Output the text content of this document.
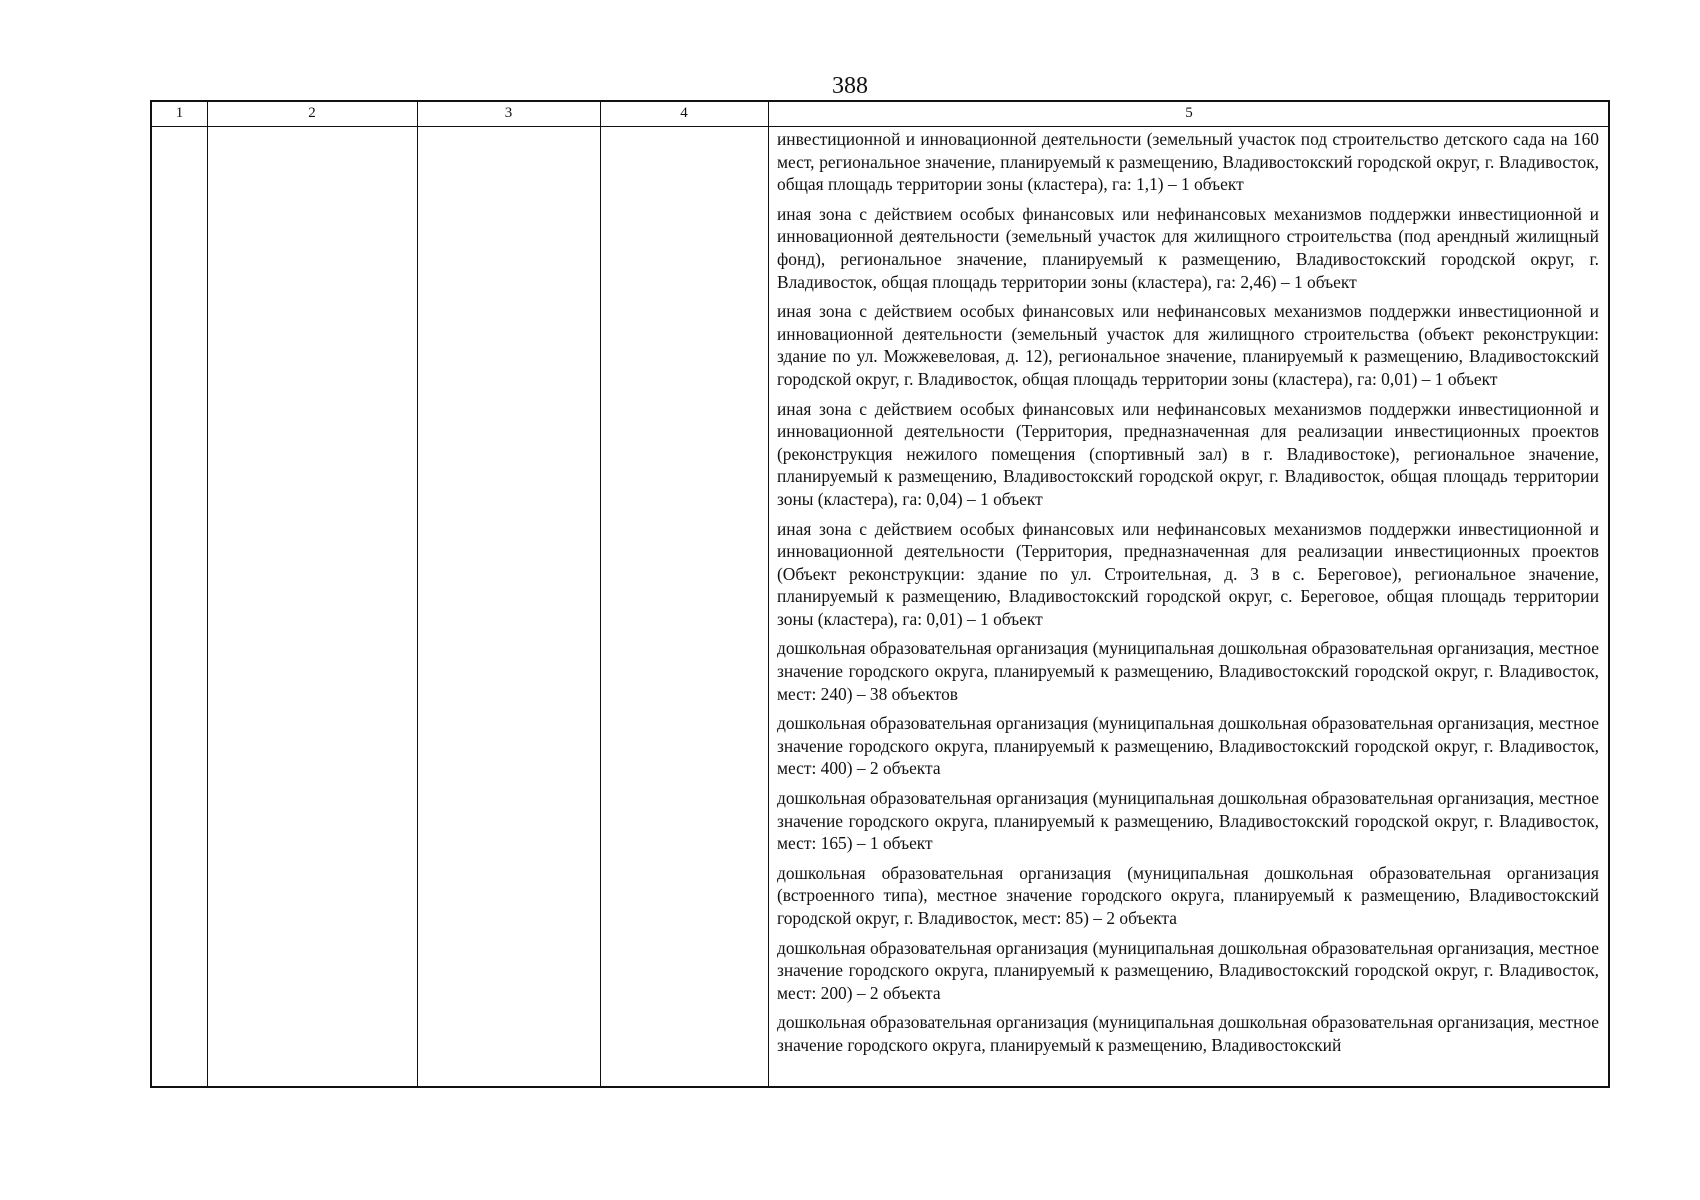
388
1	2	3	4	5

инвестиционной и инновационной деятельности (земельный участок под строительство детского сада на 160 мест, региональное значение, планируемый к размещению, Владивостокский городской округ, г. Владивосток, общая площадь территории зоны (кластера), га: 1,1) – 1 объект

иная зона с действием особых финансовых или нефинансовых механизмов поддержки инвестиционной и инновационной деятельности (земельный участок для жилищного строительства (под арендный жилищный фонд), региональное значение, планируемый к размещению, Владивостокский городской округ, г. Владивосток, общая площадь территории зоны (кластера), га: 2,46) – 1 объект

иная зона с действием особых финансовых или нефинансовых механизмов поддержки инвестиционной и инновационной деятельности (земельный участок для жилищного строительства (объект реконструкции: здание по ул. Можжевеловая, д. 12), региональное значение, планируемый к размещению, Владивостокский городской округ, г. Владивосток, общая площадь территории зоны (кластера), га: 0,01) – 1 объект

иная зона с действием особых финансовых или нефинансовых механизмов поддержки инвестиционной и инновационной деятельности (Территория, предназначенная для реализации инвестиционных проектов (реконструкция нежилого помещения (спортивный зал) в г. Владивостоке), региональное значение, планируемый к размещению, Владивостокский городской округ, г. Владивосток, общая площадь территории зоны (кластера), га: 0,04) – 1 объект

иная зона с действием особых финансовых или нефинансовых механизмов поддержки инвестиционной и инновационной деятельности (Территория, предназначенная для реализации инвестиционных проектов (Объект реконструкции: здание по ул. Строительная, д. 3 в с. Береговое), региональное значение, планируемый к размещению, Владивостокский городской округ, с. Береговое, общая площадь территории зоны (кластера), га: 0,01) – 1 объект

дошкольная образовательная организация (муниципальная дошкольная образовательная организация, местное значение городского округа, планируемый к размещению, Владивостокский городской округ, г. Владивосток, мест: 240) – 38 объектов

дошкольная образовательная организация (муниципальная дошкольная образовательная организация, местное значение городского округа, планируемый к размещению, Владивостокский городской округ, г. Владивосток, мест: 400) – 2 объекта

дошкольная образовательная организация (муниципальная дошкольная образовательная организация, местное значение городского округа, планируемый к размещению, Владивостокский городской округ, г. Владивосток, мест: 165) – 1 объект

дошкольная образовательная организация (муниципальная дошкольная образовательная организация (встроенного типа), местное значение городского округа, планируемый к размещению, Владивостокский городской округ, г. Владивосток, мест: 85) – 2 объекта

дошкольная образовательная организация (муниципальная дошкольная образовательная организация, местное значение городского округа, планируемый к размещению, Владивостокский городской округ, г. Владивосток, мест: 200) – 2 объекта

дошкольная образовательная организация (муниципальная дошкольная образовательная организация, местное значение городского округа, планируемый к размещению, Владивостокский
